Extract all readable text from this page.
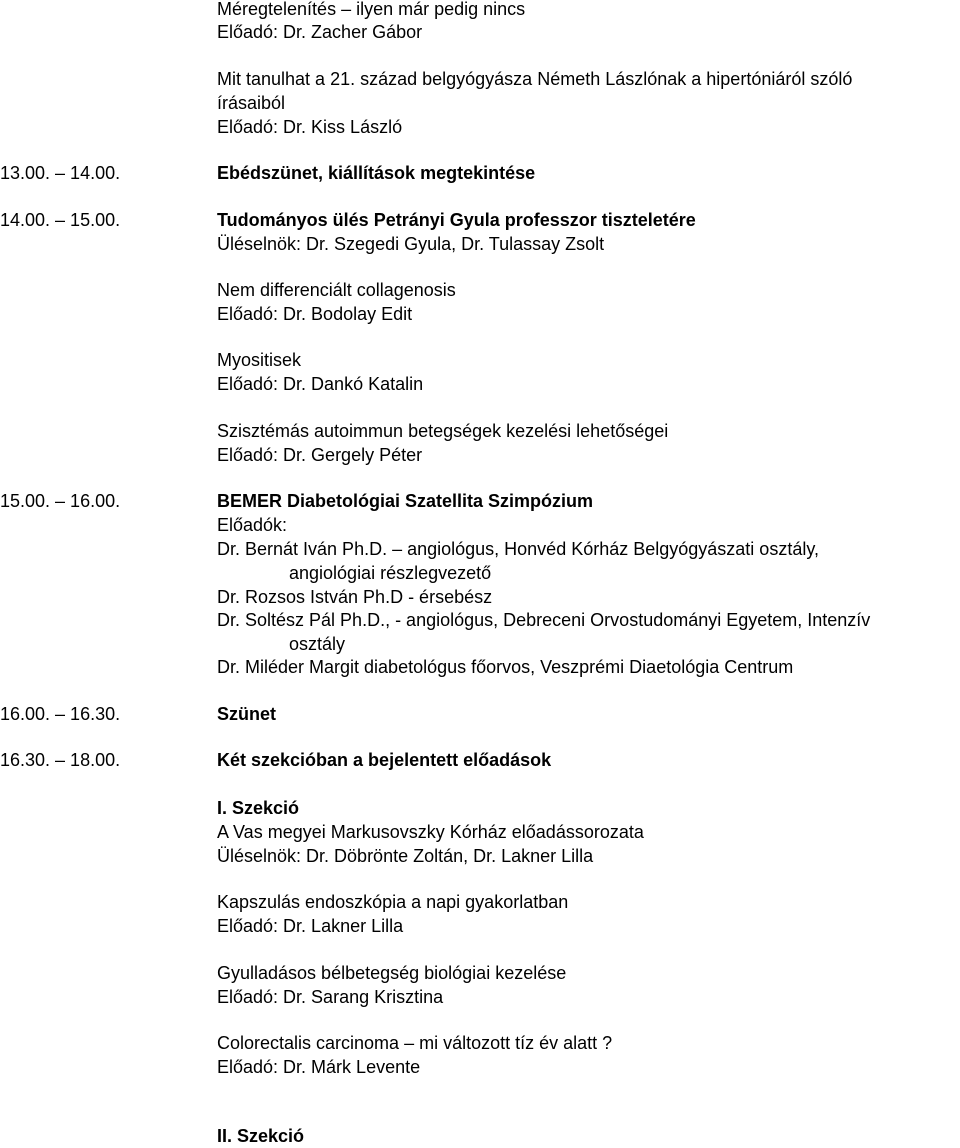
Méregtelenítés – ilyen már pedig nincs
Előadó: Dr. Zacher Gábor
Mit tanulhat a 21. század belgyógyásza Németh Lászlónak a hipertóniáról szóló
írásaiból
Előadó: Dr. Kiss László
13.00. – 14.00.	Ebédszünet, kiállítások megtekintése
14.00. – 15.00.	Tudományos ülés Petrányi Gyula professzor tiszteletére
Üléselnök: Dr. Szegedi Gyula, Dr. Tulassay Zsolt
Nem differenciált collagenosis
Előadó: Dr. Bodolay Edit
Myositisek
Előadó: Dr. Dankó Katalin
Szisztémás autoimmun betegségek kezelési lehetőségei
Előadó: Dr. Gergely Péter
15.00. – 16.00.	BEMER Diabetológiai Szatellita Szimpózium
Előadók:
Dr. Bernát Iván Ph.D. – angiológus, Honvéd Kórház Belgyógyászati osztály,
angiológiai részlegvezető
Dr. Rozsos István Ph.D - érsebész
Dr. Soltész Pál Ph.D., - angiológus, Debreceni Orvostudományi Egyetem, Intenzív
osztály
Dr. Miléder Margit diabetológus főorvos, Veszprémi Diaetológia Centrum
16.00. – 16.30.	Szünet
16.30. – 18.00.	Két szekcióban a bejelentett előadások
I. Szekció
A Vas megyei Markusovszky Kórház előadássorozata
Üléselnök: Dr. Döbrönte Zoltán, Dr. Lakner Lilla
Kapszulás endoszkópia a napi gyakorlatban
Előadó: Dr. Lakner Lilla
Gyulladásos bélbetegség biológiai kezelése
Előadó: Dr. Sarang Krisztina
Colorectalis carcinoma – mi változott tíz év alatt ?
Előadó: Dr. Márk Levente
II. Szekció
